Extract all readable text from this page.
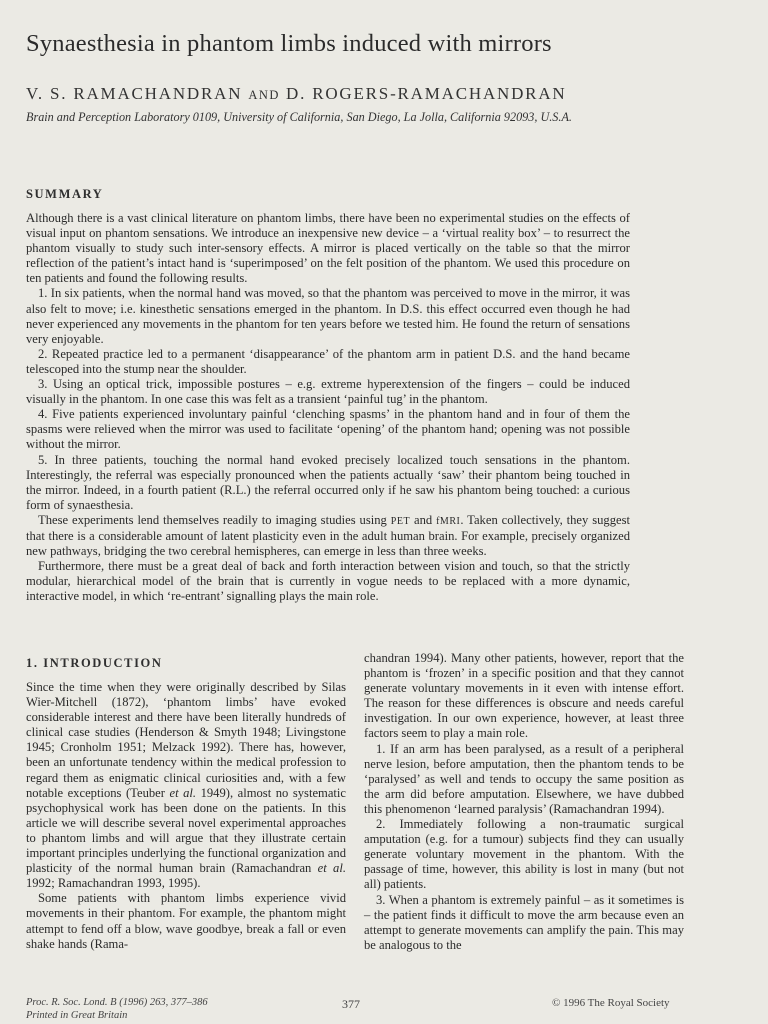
Synaesthesia in phantom limbs induced with mirrors
V. S. RAMACHANDRAN AND D. ROGERS-RAMACHANDRAN
Brain and Perception Laboratory 0109, University of California, San Diego, La Jolla, California 92093, U.S.A.
SUMMARY

Although there is a vast clinical literature on phantom limbs, there have been no experimental studies on the effects of visual input on phantom sensations. We introduce an inexpensive new device – a ‘virtual reality box’ – to resurrect the phantom visually to study such inter-sensory effects. A mirror is placed vertically on the table so that the mirror reflection of the patient’s intact hand is ‘superimposed’ on the felt position of the phantom. We used this procedure on ten patients and found the following results.

1. In six patients, when the normal hand was moved, so that the phantom was perceived to move in the mirror, it was also felt to move; i.e. kinesthetic sensations emerged in the phantom. In D.S. this effect occurred even though he had never experienced any movements in the phantom for ten years before we tested him. He found the return of sensations very enjoyable.

2. Repeated practice led to a permanent ‘disappearance’ of the phantom arm in patient D.S. and the hand became telescoped into the stump near the shoulder.

3. Using an optical trick, impossible postures – e.g. extreme hyperextension of the fingers – could be induced visually in the phantom. In one case this was felt as a transient ‘painful tug’ in the phantom.

4. Five patients experienced involuntary painful ‘clenching spasms’ in the phantom hand and in four of them the spasms were relieved when the mirror was used to facilitate ‘opening’ of the phantom hand; opening was not possible without the mirror.

5. In three patients, touching the normal hand evoked precisely localized touch sensations in the phantom. Interestingly, the referral was especially pronounced when the patients actually ‘saw’ their phantom being touched in the mirror. Indeed, in a fourth patient (R.L.) the referral occurred only if he saw his phantom being touched: a curious form of synaesthesia.

These experiments lend themselves readily to imaging studies using PET and fMRI. Taken collectively, they suggest that there is a considerable amount of latent plasticity even in the adult human brain. For example, precisely organized new pathways, bridging the two cerebral hemispheres, can emerge in less than three weeks.

Furthermore, there must be a great deal of back and forth interaction between vision and touch, so that the strictly modular, hierarchical model of the brain that is currently in vogue needs to be replaced with a more dynamic, interactive model, in which ‘re-entrant’ signalling plays the main role.

1. INTRODUCTION

Since the time when they were originally described by Silas Wier-Mitchell (1872), ‘phantom limbs’ have evoked considerable interest and there have been literally hundreds of clinical case studies (Henderson & Smyth 1948; Livingstone 1945; Cronholm 1951; Melzack 1992). There has, however, been an unfortunate tendency within the medical profession to regard them as enigmatic clinical curiosities and, with a few notable exceptions (Teuber et al. 1949), almost no systematic psychophysical work has been done on the patients. In this article we will describe several novel experimental approaches to phantom limbs and will argue that they illustrate certain important principles underlying the functional organization and plasticity of the normal human brain (Ramachandran et al. 1992; Ramachandran 1993, 1995).

Some patients with phantom limbs experience vivid movements in their phantom. For example, the phantom might attempt to fend off a blow, wave goodbye, break a fall or even shake hands (Rama-

chandran 1994). Many other patients, however, report that the phantom is ‘frozen’ in a specific position and that they cannot generate voluntary movements in it even with intense effort. The reason for these differences is obscure and needs careful investigation. In our own experience, however, at least three factors seem to play a main role.

1. If an arm has been paralysed, as a result of a peripheral nerve lesion, before amputation, then the phantom tends to be ‘paralysed’ as well and tends to occupy the same position as the arm did before amputation. Elsewhere, we have dubbed this phenomenon ‘learned paralysis’ (Ramachandran 1994).

2. Immediately following a non-traumatic surgical amputation (e.g. for a tumour) subjects find they can usually generate voluntary movement in the phantom. With the passage of time, however, this ability is lost in many (but not all) patients.

3. When a phantom is extremely painful – as it sometimes is – the patient finds it difficult to move the arm because even an attempt to generate movements can amplify the pain. This may be analogous to the

Proc. R. Soc. Lond. B (1996) 263, 377–386
Printed in Great Britain
377	© 1996 The Royal Society
